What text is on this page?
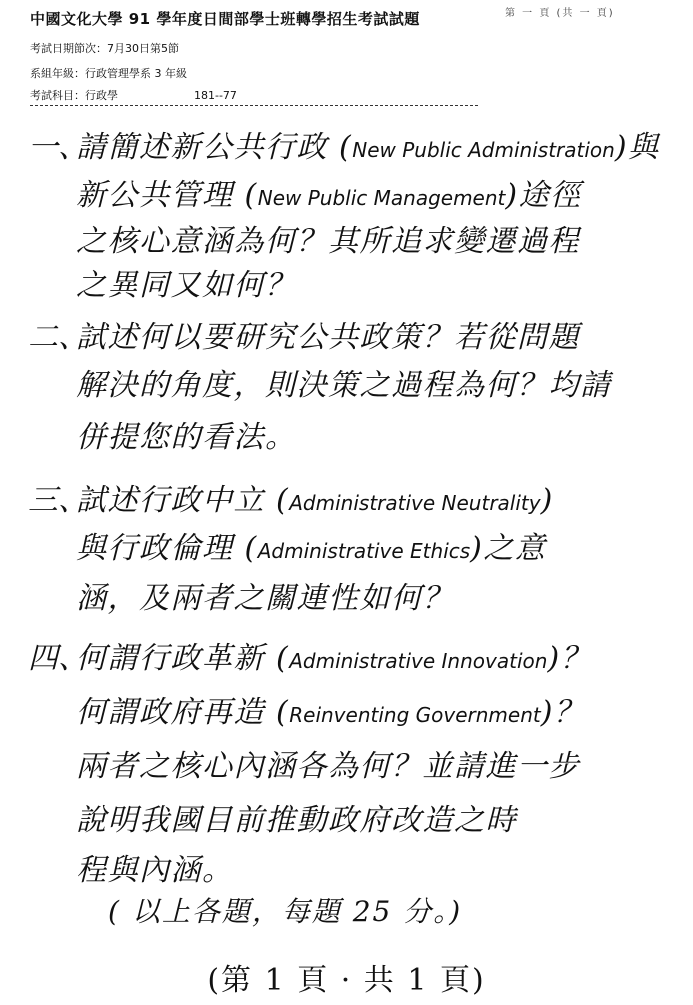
中國文化大學 91 學年度日間部學士班轉學招生考試試題	第 一 頁 (共 一 頁)
考試日期節次：7月30日第5節
系組年級：行政管理學系 3 年級
考試科目：行政學	181--77
一、
請簡述新公共行政 (New Public Administration)與
新公共管理 (New Public Management)途徑
之核心意涵為何？其所追求變遷過程
之異同又如何？
二、
試述何以要研究公共政策？若從問題
解決的角度，則決策之過程為何？均請
併提您的看法。
三、
試述行政中立 (Administrative Neutrality)
與行政倫理 (Administrative Ethics)之意
涵，及兩者之關連性如何？
四、
何謂行政革新 (Administrative Innovation)？
何謂政府再造 (Reinventing Government)？
兩者之核心內涵各為何？並請進一步
說明我國目前推動政府改造之時
程與內涵。
( 以上各題，每題 25 分。)
(第 1 頁 · 共 1 頁)
